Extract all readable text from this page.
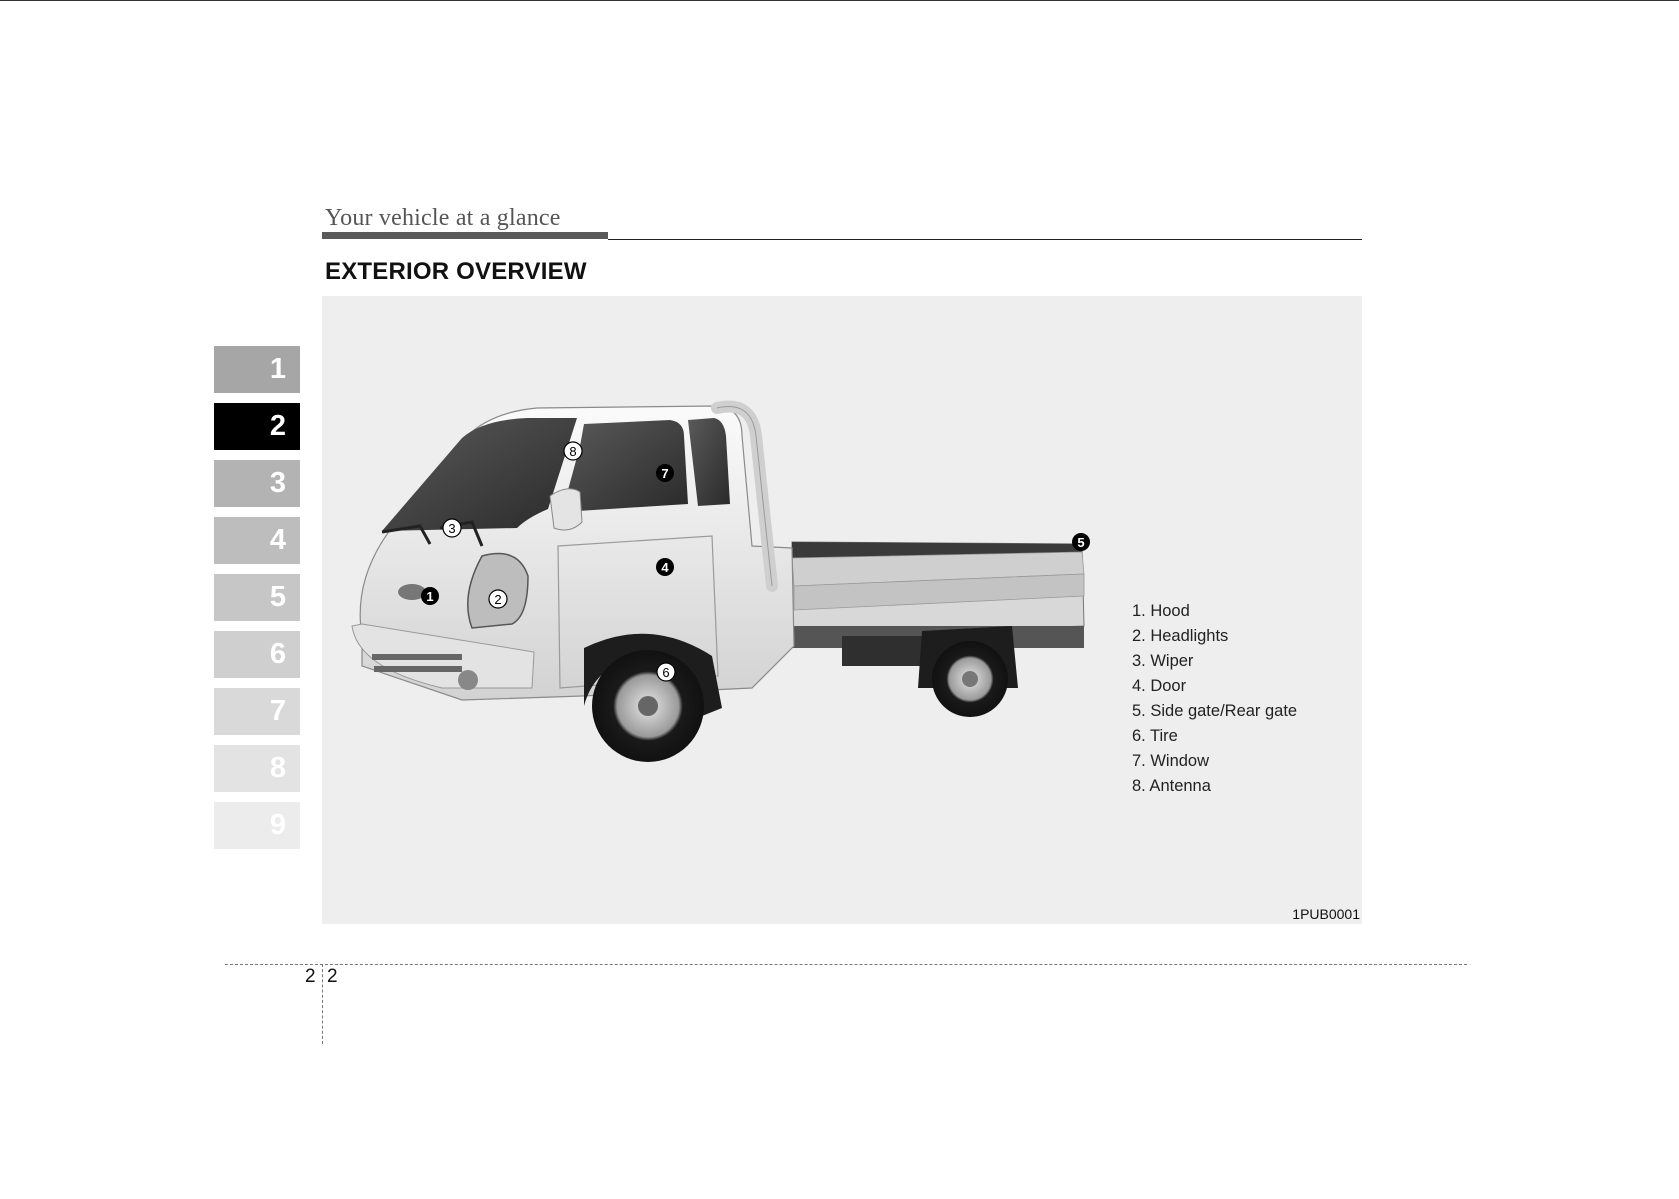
Your vehicle at a glance
EXTERIOR OVERVIEW
1
2
3
4
5
6
7
8
9
1	2
3
4
5
6
7
8
1. Hood
2. Headlights
3. Wiper
4. Door
5. Side gate/Rear gate
6. Tire
7. Window
8. Antenna
1PUB0001
2 2
